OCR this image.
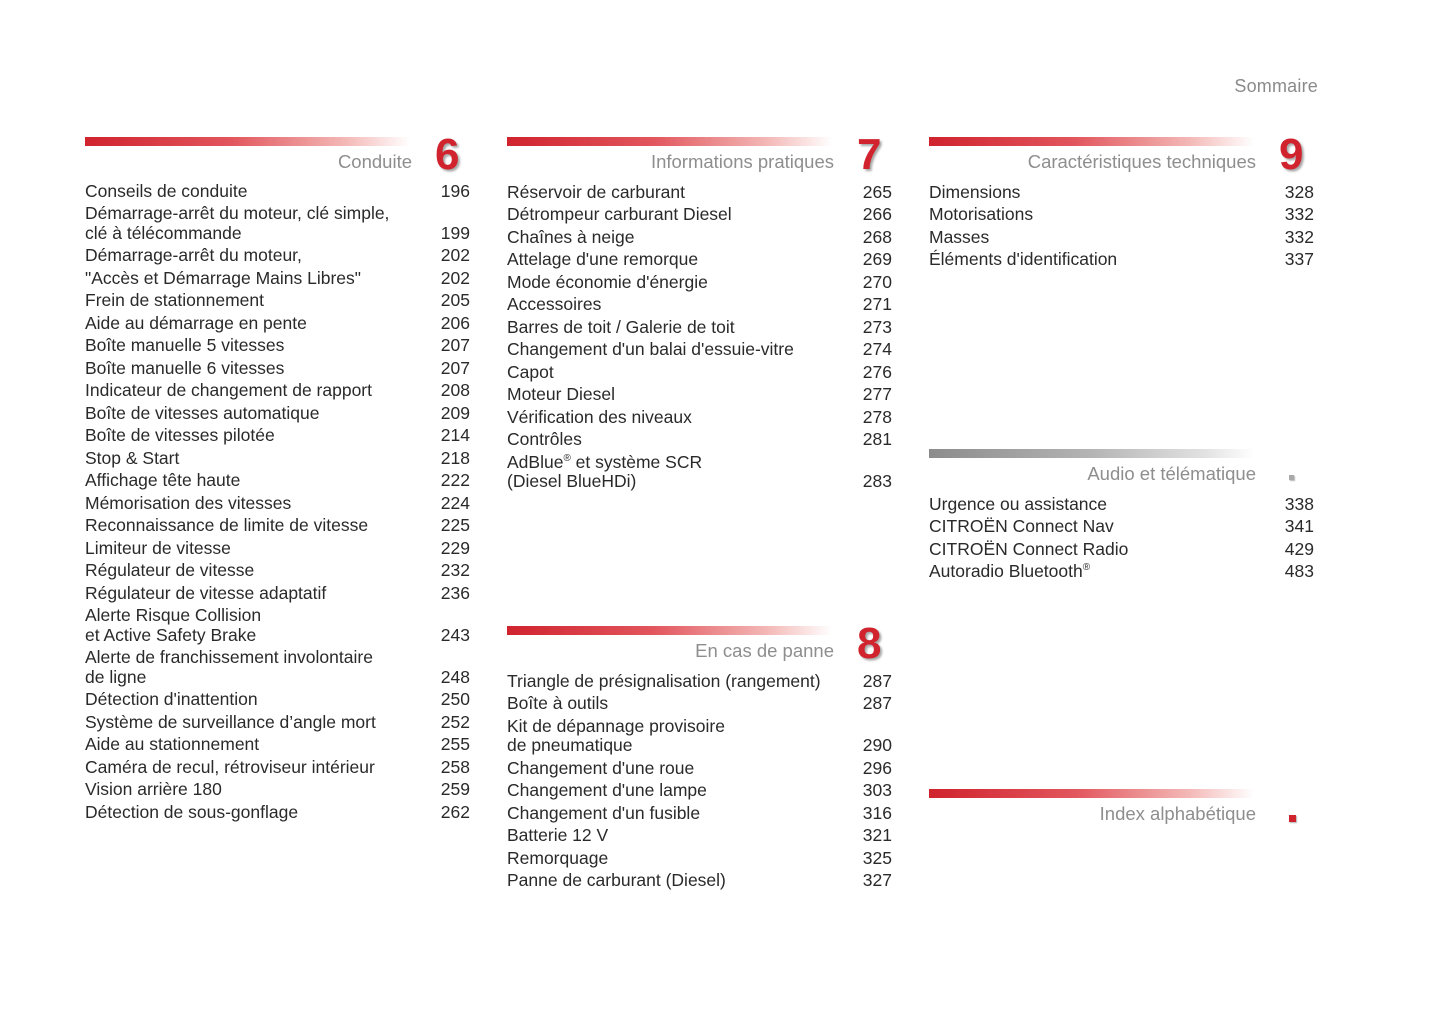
Sommaire
Conduite 6
Conseils de conduite	196
Démarrage-arrêt du moteur, clé simple,
clé à télécommande	199
Démarrage-arrêt du moteur,	202
"Accès et Démarrage Mains Libres"	202
Frein de stationnement	205
Aide au démarrage en pente	206
Boîte manuelle 5 vitesses	207
Boîte manuelle 6 vitesses	207
Indicateur de changement de rapport	208
Boîte de vitesses automatique	209
Boîte de vitesses pilotée	214
Stop & Start	218
Affichage tête haute	222
Mémorisation des vitesses	224
Reconnaissance de limite de vitesse	225
Limiteur de vitesse	229
Régulateur de vitesse	232
Régulateur de vitesse adaptatif	236
Alerte Risque Collision
et Active Safety Brake	243
Alerte de franchissement involontaire
de ligne	248
Détection d'inattention	250
Système de surveillance d’angle mort	252
Aide au stationnement	255
Caméra de recul, rétroviseur intérieur	258
Vision arrière 180	259
Détection de sous-gonflage	262
Informations pratiques 7
Réservoir de carburant	265
Détrompeur carburant Diesel	266
Chaînes à neige	268
Attelage d'une remorque	269
Mode économie d'énergie	270
Accessoires	271
Barres de toit / Galerie de toit	273
Changement d'un balai d'essuie-vitre	274
Capot	276
Moteur Diesel	277
Vérification des niveaux	278
Contrôles	281
AdBlue® et système SCR
(Diesel BlueHDi)	283
En cas de panne 8
Triangle de présignalisation (rangement)	287
Boîte à outils	287
Kit de dépannage provisoire
de pneumatique	290
Changement d'une roue	296
Changement d'une lampe	303
Changement d'un fusible	316
Batterie 12 V	321
Remorquage	325
Panne de carburant (Diesel)	327
Caractéristiques techniques 9
Dimensions	328
Motorisations	332
Masses	332
Éléments d'identification	337
Audio et télématique
Urgence ou assistance	338
CITROËN Connect Nav	341
CITROËN Connect Radio	429
Autoradio Bluetooth®	483
Index alphabétique
